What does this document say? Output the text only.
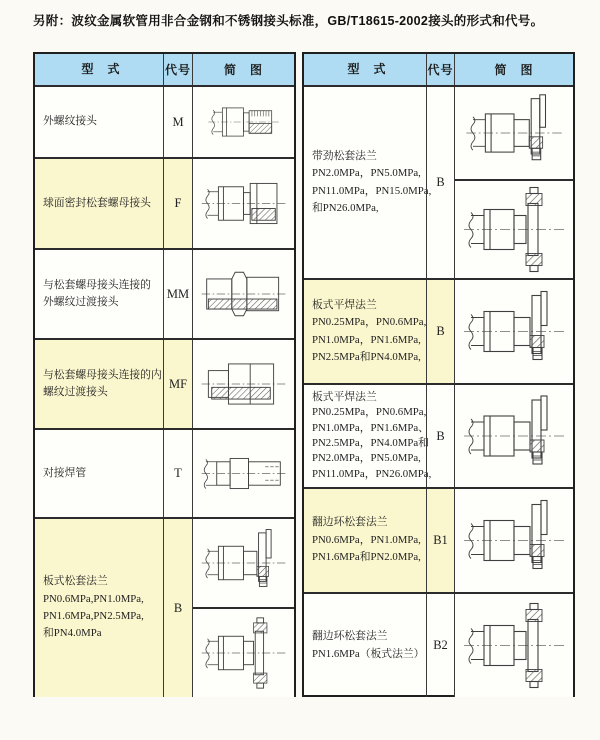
另附：波纹金属软管用非合金钢和不锈钢接头标准，GB/T18615-2002接头的形式和代号。
型　式	代号	简　图
外螺纹接头	M
球面密封松套螺母接头	F
与松套螺母接头连接的
外螺纹过渡接头
MM
与松套螺母接头连接的内
螺纹过渡接头
MF
对接焊管	T
板式松套法兰
PN0.6MPa,PN1.0MPa,
PN1.6MPa,PN2.5MPa,
和PN4.0MPa
B
型　式	代号	简　图
带劲松套法兰
PN2.0MPa，PN5.0MPa,
PN11.0MPa，PN15.0MPa,
和PN26.0MPa,
B
板式平焊法兰
PN0.25MPa，PN0.6MPa,
PN1.0MPa，PN1.6MPa,
PN2.5MPa和PN4.0MPa,
B
板式平焊法兰
PN0.25MPa，PN0.6MPa,
PN1.0MPa，PN1.6MPa、
PN2.5MPa，PN4.0MPa和
PN2.0MPa，PN5.0MPa,
PN11.0MPa，PN26.0MPa,
B
翻边环松套法兰
PN0.6MPa，PN1.0MPa,
PN1.6MPa和PN2.0MPa,
B1
翻边环松套法兰
PN1.6MPa（板式法兰）
B2
